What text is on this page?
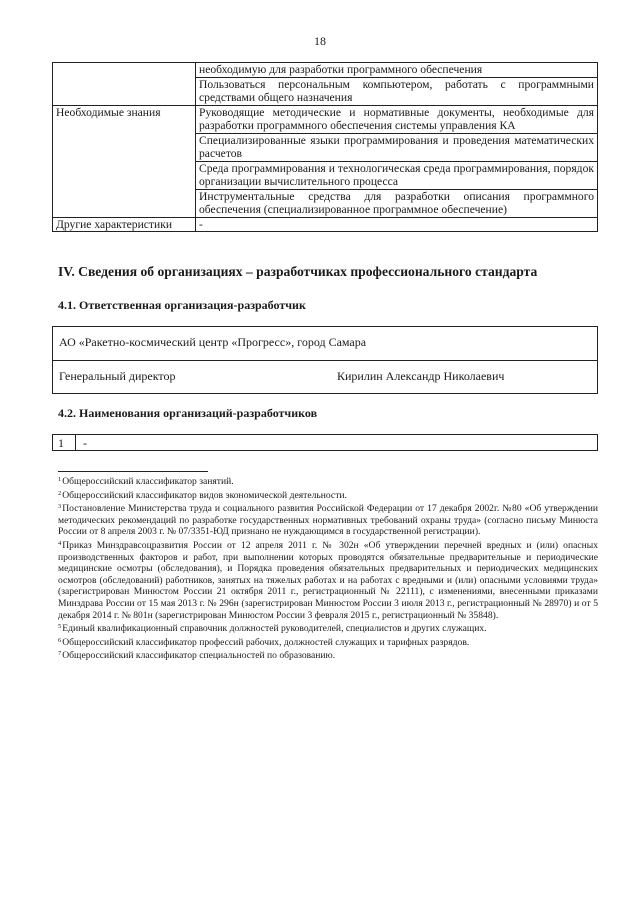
18
	необходимую для разработки программного обеспечения
	Пользоваться персональным компьютером, работать с программными средствами общего назначения
Необходимые знания	Руководящие методические и нормативные документы, необходимые для разработки программного обеспечения системы управления КА
	Специализированные языки программирования и проведения математических расчетов
	Среда программирования и технологическая среда программирования, порядок организации вычислительного процесса
	Инструментальные средства для разработки описания программного обеспечения (специализированное программное обеспечение)
Другие характеристики	-
IV. Сведения об организациях – разработчиках профессионального стандарта
4.1. Ответственная организация-разработчик
АО «Ракетно-космический центр «Прогресс», город Самара
Генеральный директор	Кирилин Александр Николаевич
4.2. Наименования организаций-разработчиков
1 -

$^1$Общероссийский классификатор занятий.

$^2$Общероссийский классификатор видов экономической деятельности.

$^3$Постановление Министерства труда и социального развития Российской Федерации от 17 декабря 2002г. №80 «Об утверждении методических рекомендаций по разработке государственных нормативных требований охраны труда» (согласно письму Минюста России от 8 апреля 2003 г. № 07/3351-ЮД признано не нуждающимся в государственной регистрации).

$^4$Приказ Минздравсоцразвития России от 12 апреля 2011 г. № 302н «Об утверждении перечней вредных и (или) опасных производственных факторов и работ, при выполнении которых проводятся обязательные предварительные и периодические медицинские осмотры (обследования), и Порядка проведения обязательных предварительных и периодических медицинских осмотров (обследований) работников, занятых на тяжелых работах и на работах с вредными и (или) опасными условиями труда» (зарегистрирован Минюстом России 21 октября 2011 г., регистрационный № 22111), с изменениями, внесенными приказами Минздрава России от 15 мая 2013 г. № 296н (зарегистрирован Минюстом России 3 июля 2013 г., регистрационный № 28970) и от 5 декабря 2014 г. № 801н (зарегистрирован Минюстом России 3 февраля 2015 г., регистрационный № 35848).

$^5$Единый квалификационный справочник должностей руководителей, специалистов и других служащих.

$^6$Общероссийский классификатор профессий рабочих, должностей служащих и тарифных разрядов.

$^7$Общероссийский классификатор специальностей по образованию.
